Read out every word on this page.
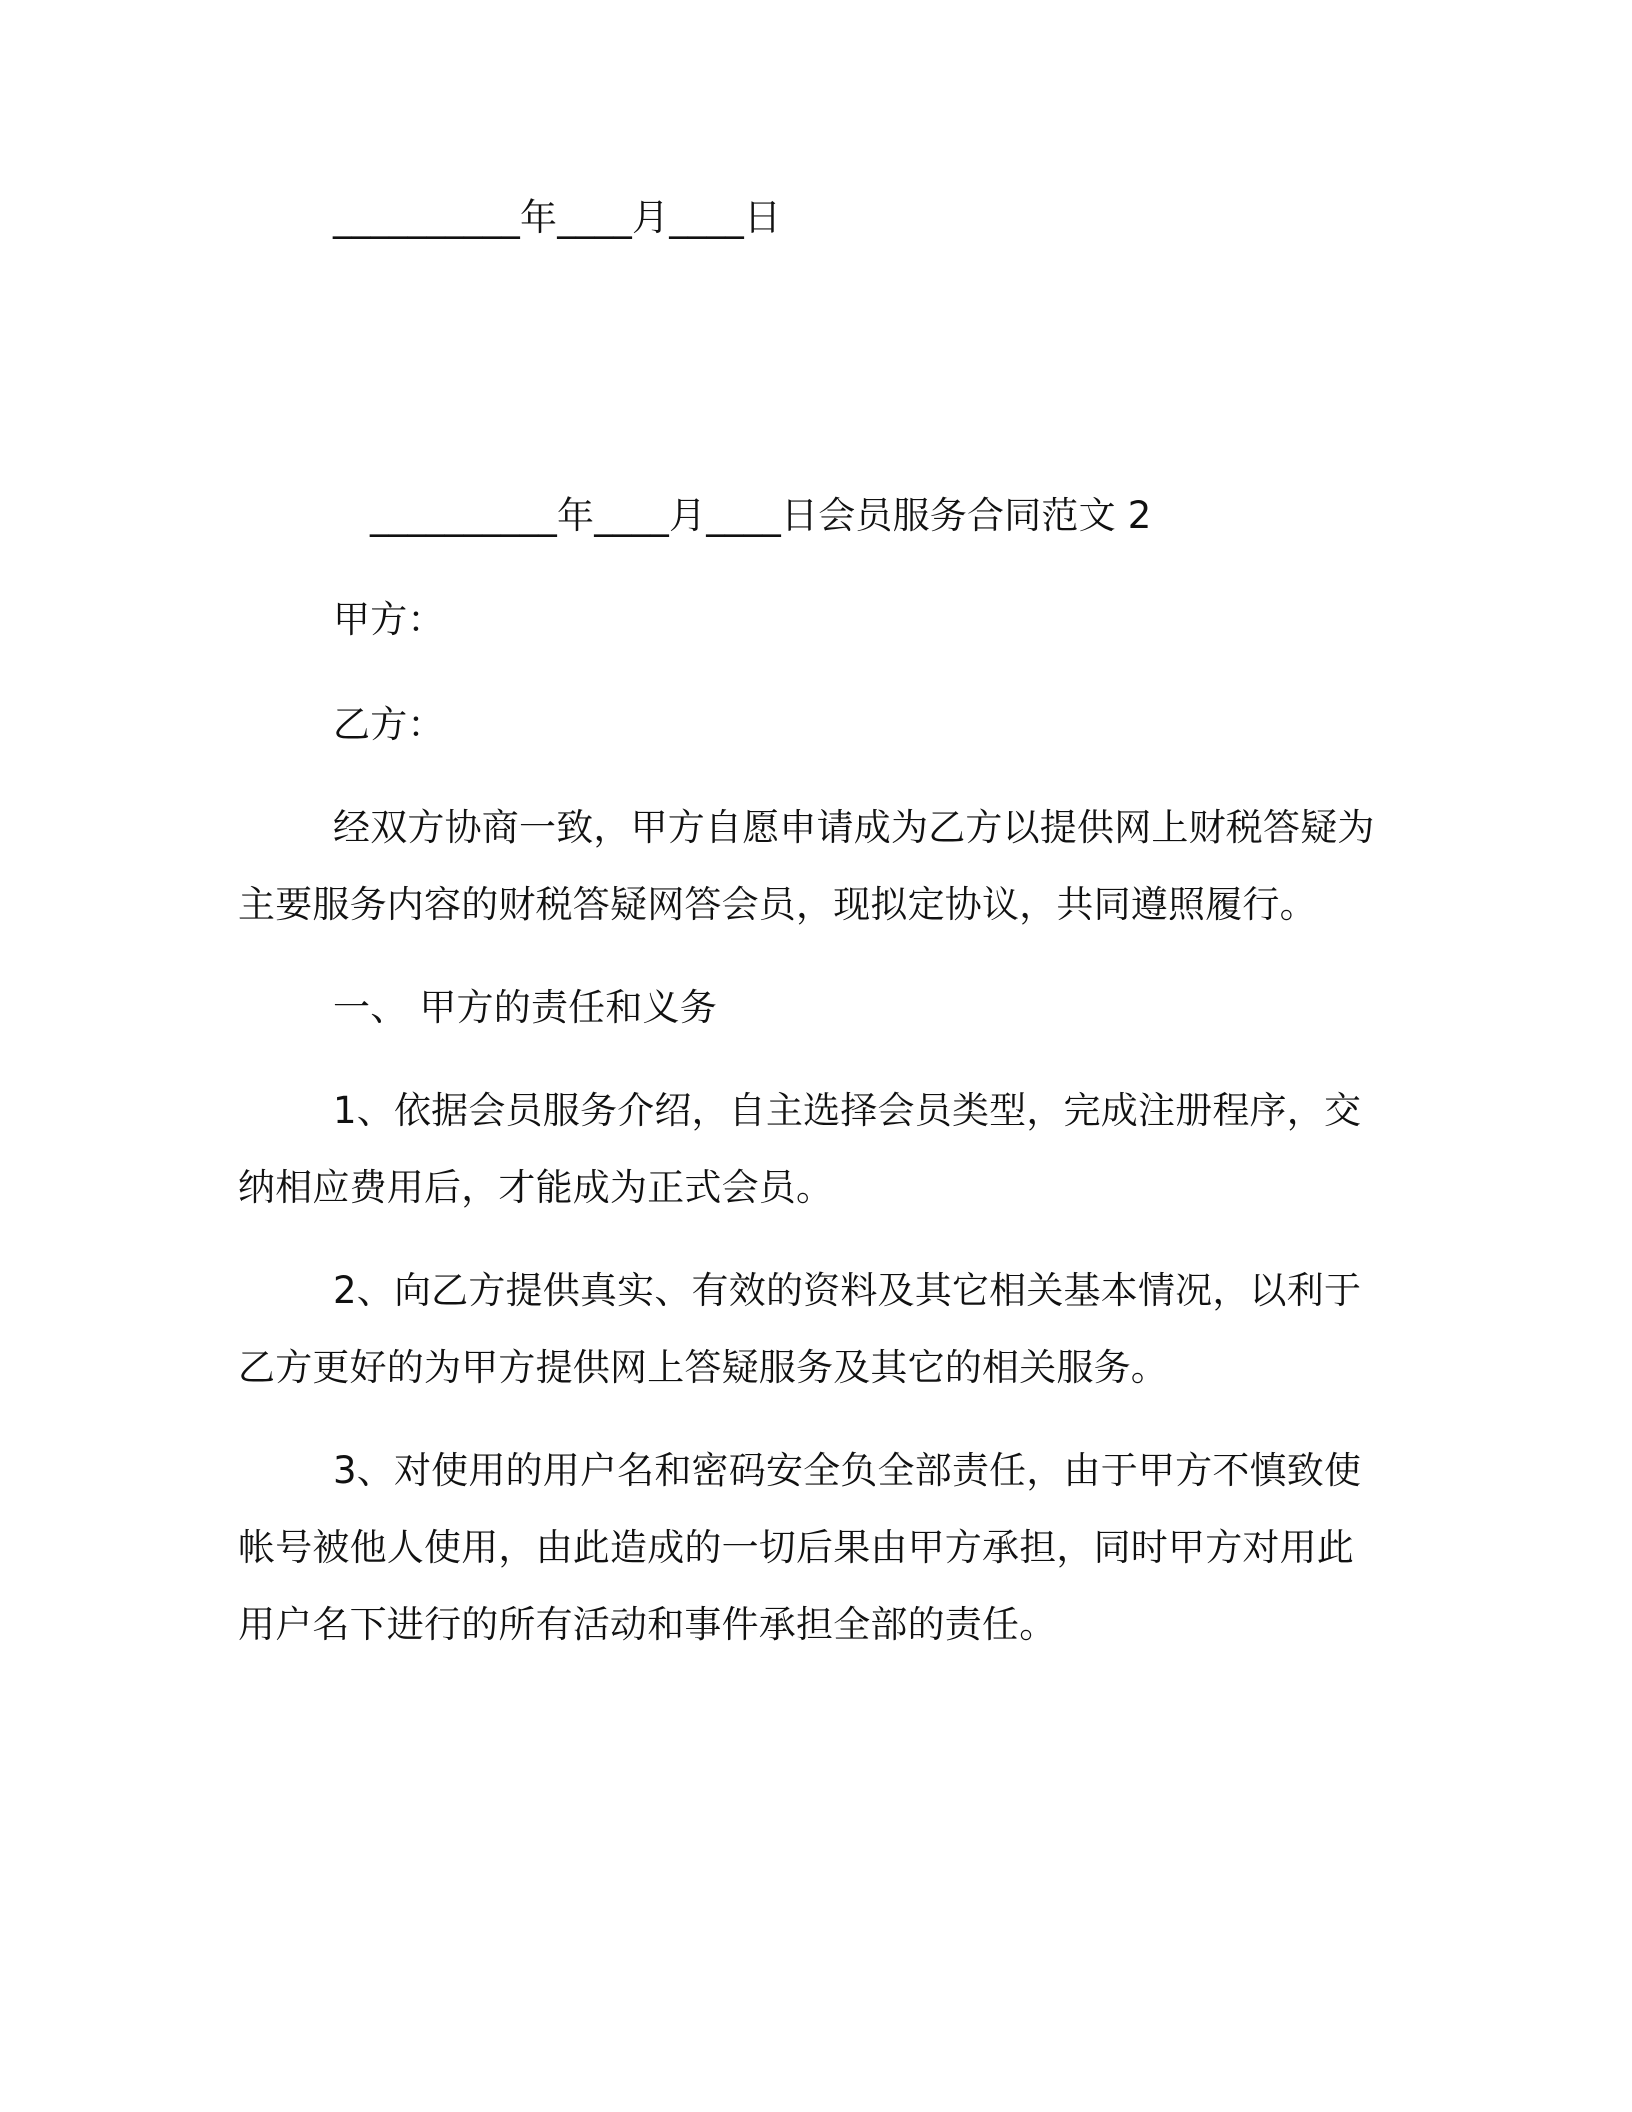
__________年____月____日
__________年____月____日会员服务合同范文 2
甲方：
乙方：
经双方协商一致，甲方自愿申请成为乙方以提供网上财税答疑为
主要服务内容的财税答疑网答会员，现拟定协议，共同遵照履行。
一、 甲方的责任和义务
1、依据会员服务介绍，自主选择会员类型，完成注册程序，交
纳相应费用后，才能成为正式会员。
2、向乙方提供真实、有效的资料及其它相关基本情况，以利于
乙方更好的为甲方提供网上答疑服务及其它的相关服务。
3、对使用的用户名和密码安全负全部责任，由于甲方不慎致使
帐号被他人使用，由此造成的一切后果由甲方承担，同时甲方对用此
用户名下进行的所有活动和事件承担全部的责任。
